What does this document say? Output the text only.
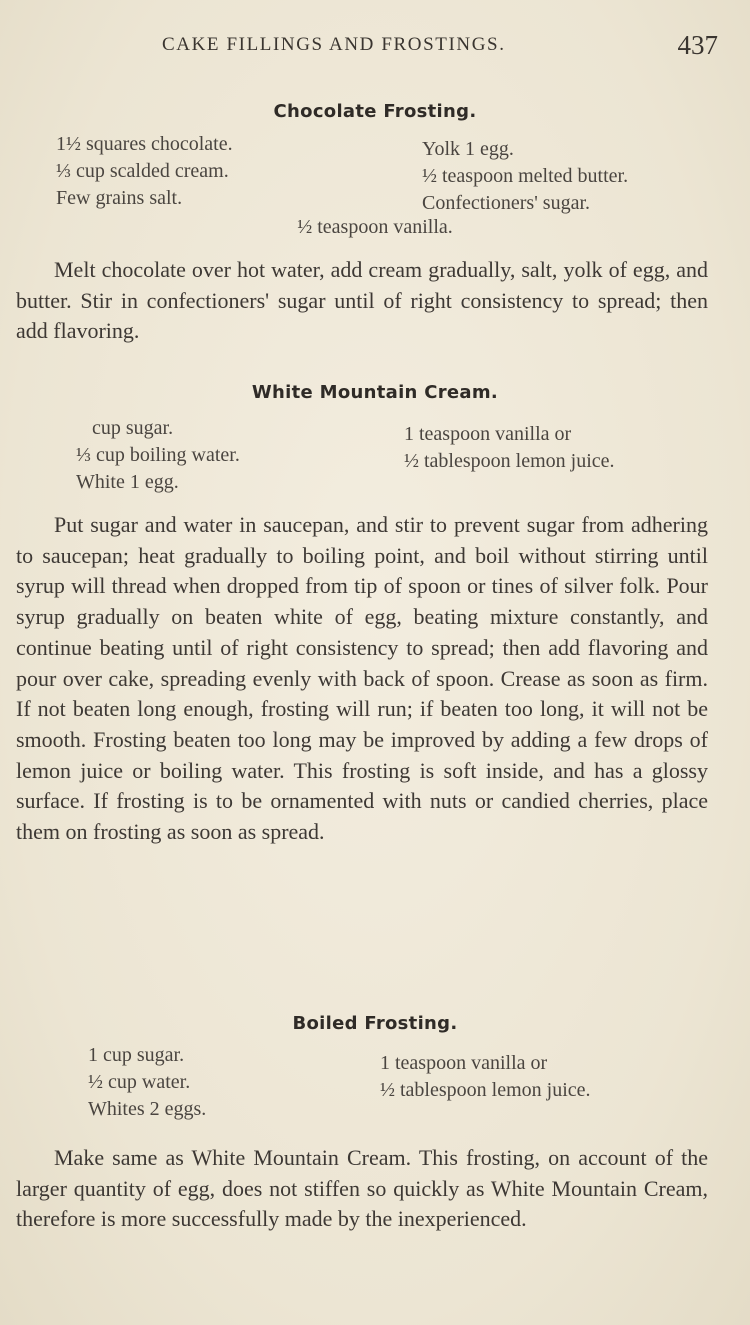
CAKE FILLINGS AND FROSTINGS.	437
Chocolate Frosting.
1½ squares chocolate.
⅓ cup scalded cream.
Few grains salt.
Yolk 1 egg.
½ teaspoon melted butter.
Confectioners' sugar.
½ teaspoon vanilla.

Melt chocolate over hot water, add cream gradually, salt, yolk of egg, and butter. Stir in confectioners' sugar until of right consistency to spread; then add flavoring.

White Mountain Cream.
cup sugar.
⅓ cup boiling water.
White 1 egg.
1 teaspoon vanilla or
½ tablespoon lemon juice.

Put sugar and water in saucepan, and stir to prevent sugar from adhering to saucepan; heat gradually to boiling point, and boil without stirring until syrup will thread when dropped from tip of spoon or tines of silver folk. Pour syrup gradually on beaten white of egg, beating mixture constantly, and continue beating until of right consistency to spread; then add flavoring and pour over cake, spreading evenly with back of spoon. Crease as soon as firm. If not beaten long enough, frosting will run; if beaten too long, it will not be smooth. Frosting beaten too long may be improved by adding a few drops of lemon juice or boiling water. This frosting is soft inside, and has a glossy surface. If frosting is to be ornamented with nuts or candied cherries, place them on frosting as soon as spread.

Boiled Frosting.
1 cup sugar.
½ cup water.
Whites 2 eggs.
1 teaspoon vanilla or
½ tablespoon lemon juice.

Make same as White Mountain Cream. This frosting, on account of the larger quantity of egg, does not stiffen so quickly as White Mountain Cream, therefore is more successfully made by the inexperienced.
